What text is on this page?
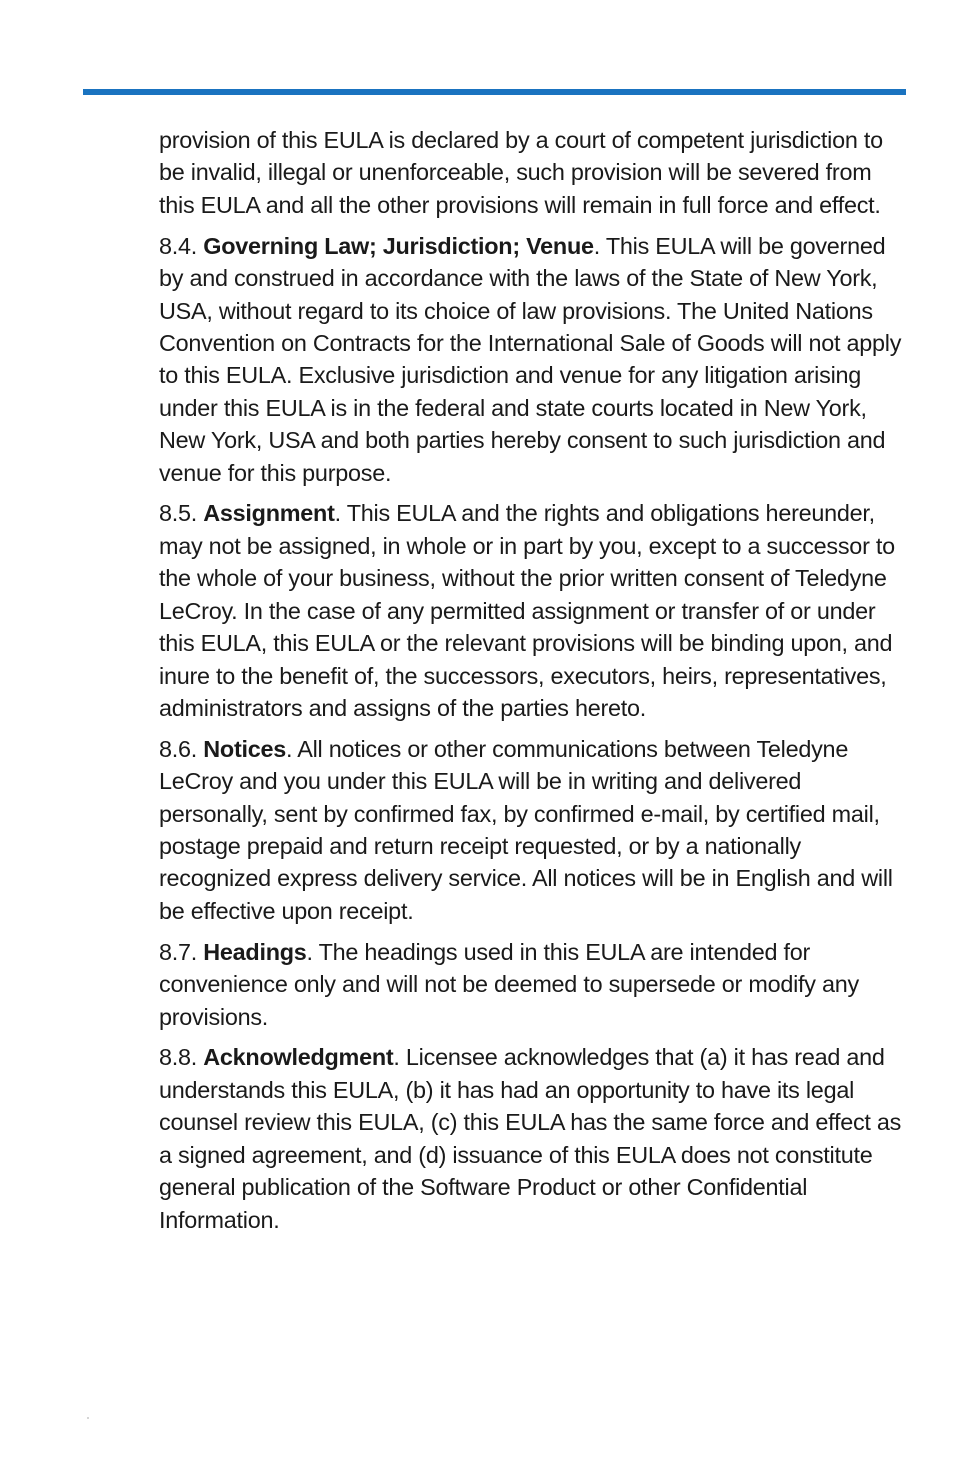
provision of this EULA is declared by a court of competent jurisdiction to be invalid, illegal or unenforceable, such provision will be severed from this EULA and all the other provisions will remain in full force and effect.

8.4. Governing Law; Jurisdiction; Venue. This EULA will be governed by and construed in accordance with the laws of the State of New York, USA, without regard to its choice of law provisions. The United Nations Convention on Contracts for the International Sale of Goods will not apply to this EULA. Exclusive jurisdiction and venue for any litigation arising under this EULA is in the federal and state courts located in New York, New York, USA and both parties hereby consent to such jurisdiction and venue for this purpose.

8.5. Assignment. This EULA and the rights and obligations hereunder, may not be assigned, in whole or in part by you, except to a successor to the whole of your business, without the prior written consent of Teledyne LeCroy. In the case of any permitted assignment or transfer of or under this EULA, this EULA or the relevant provisions will be binding upon, and inure to the benefit of, the successors, executors, heirs, representatives, administrators and assigns of the parties hereto.

8.6. Notices. All notices or other communications between Teledyne LeCroy and you under this EULA will be in writing and delivered personally, sent by confirmed fax, by confirmed e-mail, by certified mail, postage prepaid and return receipt requested, or by a nationally recognized express delivery service. All notices will be in English and will be effective upon receipt.

8.7. Headings. The headings used in this EULA are intended for convenience only and will not be deemed to supersede or modify any provisions.

8.8. Acknowledgment. Licensee acknowledges that (a) it has read and understands this EULA, (b) it has had an opportunity to have its legal counsel review this EULA, (c) this EULA has the same force and effect as a signed agreement, and (d) issuance of this EULA does not constitute general publication of the Software Product or other Confidential Information.
